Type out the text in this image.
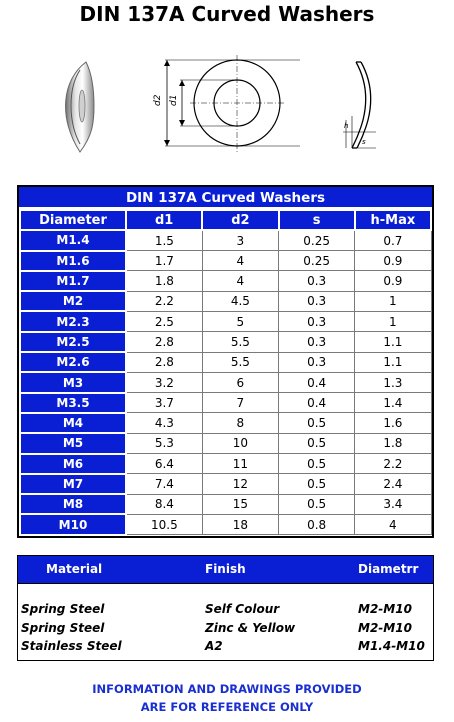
DIN 137A Curved Washers
d2 d1
h
s
DIN 137A Curved Washers
Diameter	d1	d2	s	h-Max
M1.4	1.5	3	0.25	0.7
M1.6	1.7	4	0.25	0.9
M1.7	1.8	4	0.3	0.9
M2	2.2	4.5	0.3	1
M2.3	2.5	5	0.3	1
M2.5	2.8	5.5	0.3	1.1
M2.6	2.8	5.5	0.3	1.1
M3	3.2	6	0.4	1.3
M3.5	3.7	7	0.4	1.4
M4	4.3	8	0.5	1.6
M5	5.3	10	0.5	1.8
M6	6.4	11	0.5	2.2
M7	7.4	12	0.5	2.4
M8	8.4	15	0.5	3.4
M10	10.5	18	0.8	4
Material	Finish	Diametrr
Spring Steel	Self Colour	M2-M10
Spring Steel	Zinc & Yellow	M2-M10
Stainless Steel	A2	M1.4-M10
INFORMATION AND DRAWINGS PROVIDED
ARE FOR REFERENCE ONLY
